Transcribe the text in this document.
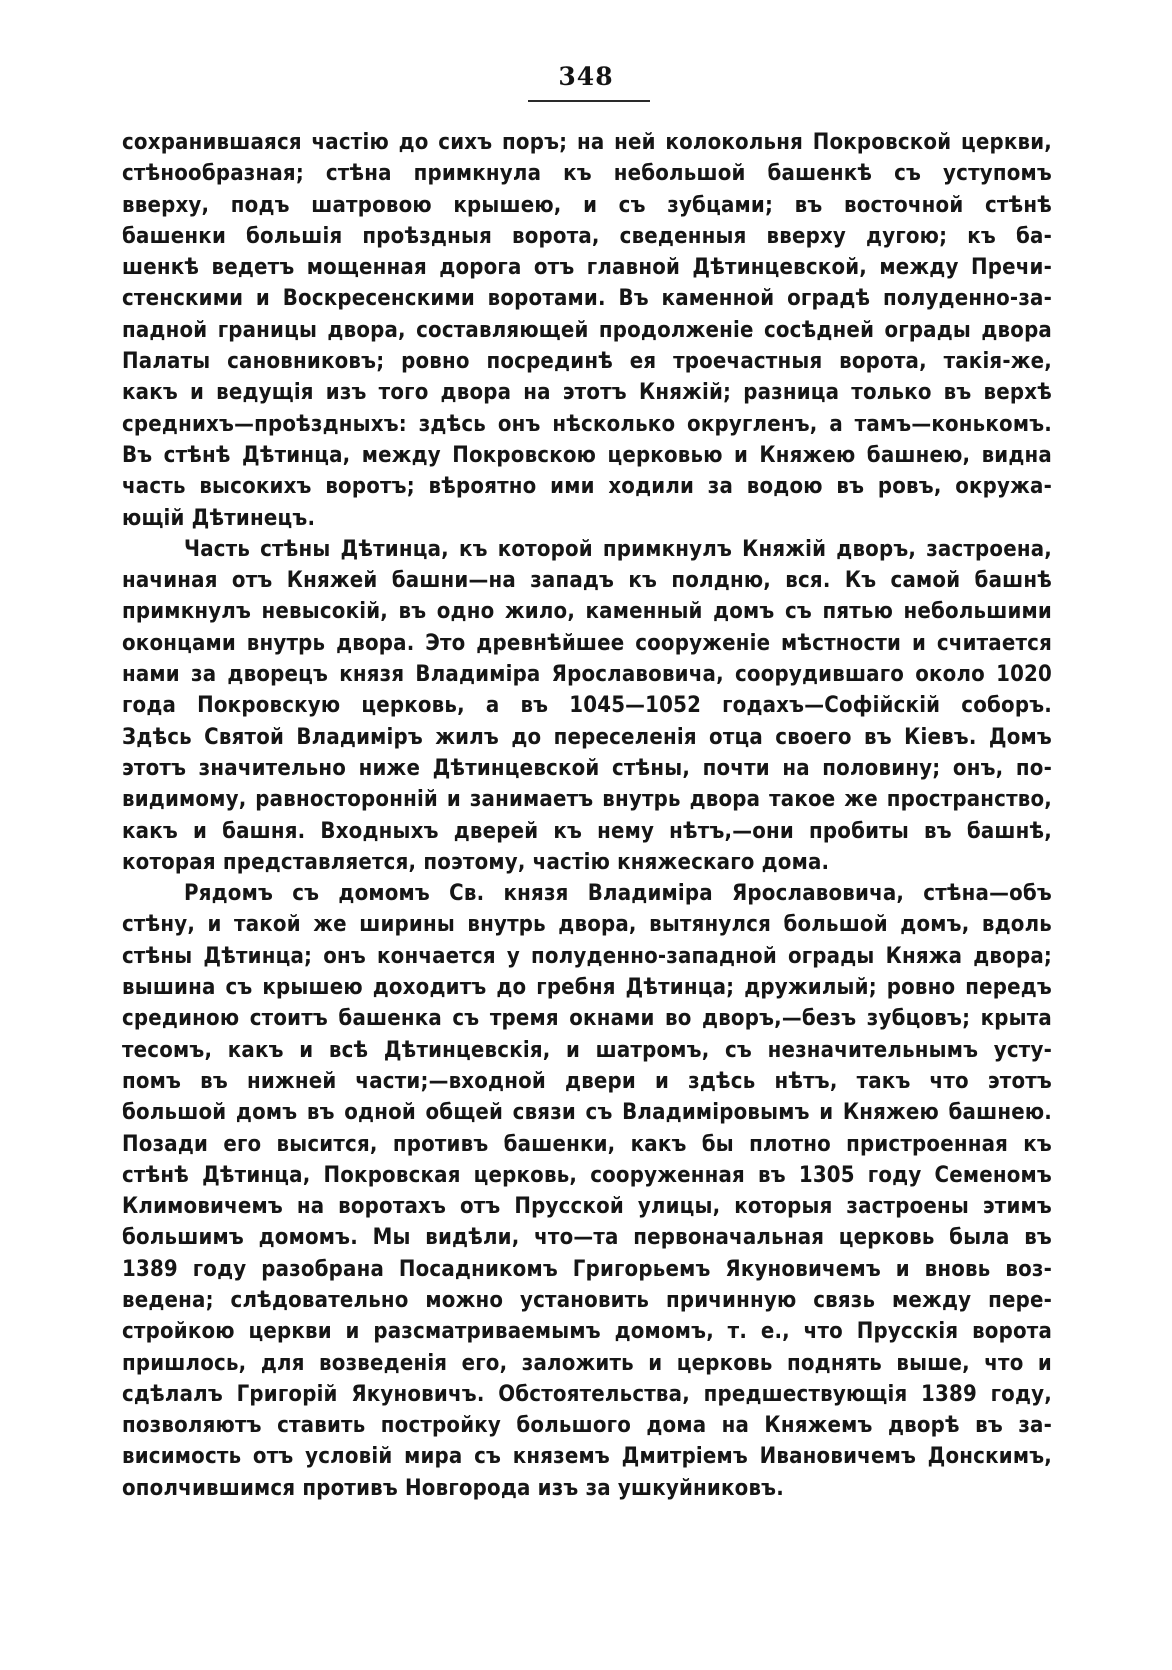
348
сохранившаяся частію до сихъ поръ; на ней колокольня Покровской церкви,
стѣнообразная; стѣна примкнула къ небольшой башенкѣ съ уступомъ
вверху, подъ шатровою крышею, и съ зубцами; въ восточной стѣнѣ
башенки большія проѣздныя ворота, сведенныя вверху дугою; къ ба-
шенкѣ ведетъ мощенная дорога отъ главной Дѣтинцевской, между Пречи-
стенскими и Воскресенскими воротами. Въ каменной оградѣ полуденно-за-
падной границы двора, составляющей продолженіе сосѣдней ограды двора
Палаты сановниковъ; ровно посрединѣ ея троечастныя ворота, такія-же,
какъ и ведущія изъ того двора на этотъ Княжій; разница только въ верхѣ
среднихъ—проѣздныхъ: здѣсь онъ нѣсколько округленъ, а тамъ—конькомъ.
Въ стѣнѣ Дѣтинца, между Покровскою церковью и Княжею башнею, видна
часть высокихъ воротъ; вѣроятно ими ходили за водою въ ровъ, окружа-
ющій Дѣтинецъ.
Часть стѣны Дѣтинца, къ которой примкнулъ Княжій дворъ, застроена,
начиная отъ Княжей башни—на западъ къ полдню, вся. Къ самой башнѣ
примкнулъ невысокій, въ одно жило, каменный домъ съ пятью небольшими
оконцами внутрь двора. Это древнѣйшее сооруженіе мѣстности и считается
нами за дворецъ князя Владиміра Ярославовича, соорудившаго около 1020
года Покровскую церковь, а въ 1045—1052 годахъ—Софійскій соборъ.
Здѣсь Святой Владиміръ жилъ до переселенія отца своего въ Кіевъ. Домъ
этотъ значительно ниже Дѣтинцевской стѣны, почти на половину; онъ, по-
видимому, равносторонній и занимаетъ внутрь двора такое же пространство,
какъ и башня. Входныхъ дверей къ нему нѣтъ,—они пробиты въ башнѣ,
которая представляется, поэтому, частію княжескаго дома.
Рядомъ съ домомъ Св. князя Владиміра Ярославовича, стѣна—объ
стѣну, и такой же ширины внутрь двора, вытянулся большой домъ, вдоль
стѣны Дѣтинца; онъ кончается у полуденно-западной ограды Княжа двора;
вышина съ крышею доходитъ до гребня Дѣтинца; дружилый; ровно передъ
срединою стоитъ башенка съ тремя окнами во дворъ,—безъ зубцовъ; крыта
тесомъ, какъ и всѣ Дѣтинцевскія, и шатромъ, съ незначительнымъ усту-
помъ въ нижней части;—входной двери и здѣсь нѣтъ, такъ что этотъ
большой домъ въ одной общей связи съ Владиміровымъ и Княжею башнею.
Позади его высится, противъ башенки, какъ бы плотно пристроенная къ
стѣнѣ Дѣтинца, Покровская церковь, сооруженная въ 1305 году Семеномъ
Климовичемъ на воротахъ отъ Прусской улицы, которыя застроены этимъ
большимъ домомъ. Мы видѣли, что—та первоначальная церковь была въ
1389 году разобрана Посадникомъ Григорьемъ Якуновичемъ и вновь воз-
ведена; слѣдовательно можно установить причинную связь между пере-
стройкою церкви и разсматриваемымъ домомъ, т. е., что Прусскія ворота
пришлось, для возведенія его, заложить и церковь поднять выше, что и
сдѣлалъ Григорій Якуновичъ. Обстоятельства, предшествующія 1389 году,
позволяютъ ставить постройку большого дома на Княжемъ дворѣ въ за-
висимость отъ условій мира съ княземъ Дмитріемъ Ивановичемъ Донскимъ,
ополчившимся противъ Новгорода изъ за ушкуйниковъ.
